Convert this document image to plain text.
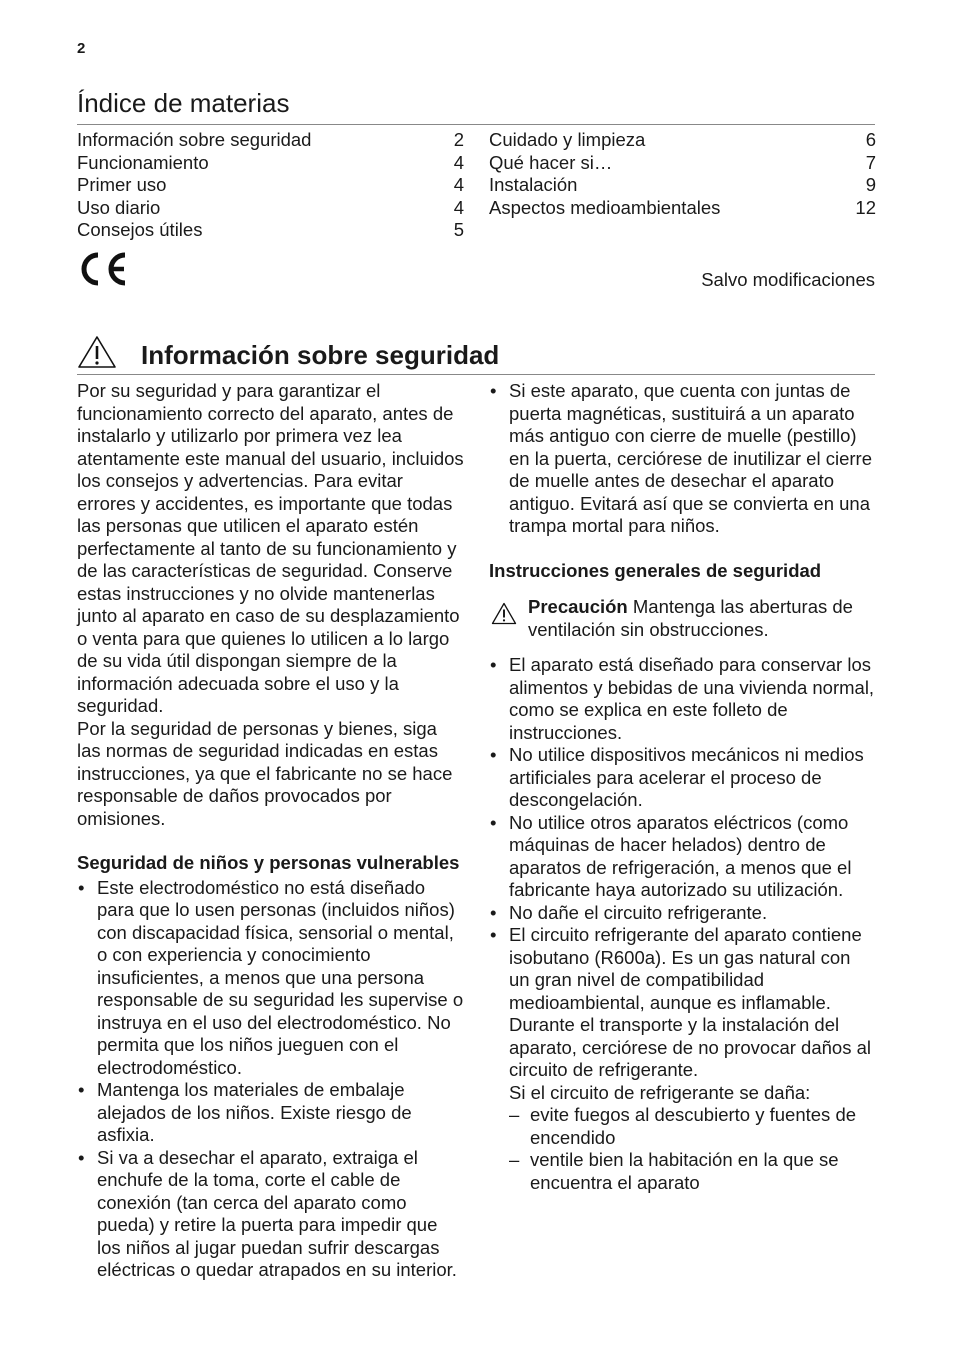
2
Índice de materias
Información sobre seguridad	2
Funcionamiento	4
Primer uso	4
Uso diario	4
Consejos útiles	5
Cuidado y limpieza	6
Qué hacer si…	7
Instalación	9
Aspectos medioambientales	12
Salvo modificaciones
Información sobre seguridad

Por su seguridad y para garantizar el funcionamiento correcto del aparato, antes de instalarlo y utilizarlo por primera vez lea atentamente este manual del usuario, incluidos los consejos y advertencias. Para evitar errores y accidentes, es importante que todas las personas que utilicen el aparato estén perfectamente al tanto de su funcionamiento y de las características de seguridad. Conserve estas instrucciones y no olvide mantenerlas junto al aparato en caso de su desplazamiento o venta para que quienes lo utilicen a lo largo de su vida útil dispongan siempre de la información adecuada sobre el uso y la seguridad.

Por la seguridad de personas y bienes, siga las normas de seguridad indicadas en estas instrucciones, ya que el fabricante no se hace responsable de daños provocados por omisiones.

Seguridad de niños y personas vulnerables

• Este electrodoméstico no está diseñado para que lo usen personas (incluidos niños) con discapacidad física, sensorial o mental, o con experiencia y conocimiento insuficientes, a menos que una persona responsable de su seguridad les supervise o instruya en el uso del electrodoméstico. No permita que los niños jueguen con el electrodoméstico.
• Mantenga los materiales de embalaje alejados de los niños. Existe riesgo de asfixia.
• Si va a desechar el aparato, extraiga el enchufe de la toma, corte el cable de conexión (tan cerca del aparato como pueda) y retire la puerta para impedir que los niños al jugar puedan sufrir descargas eléctricas o quedar atrapados en su interior.
• Si este aparato, que cuenta con juntas de puerta magnéticas, sustituirá a un aparato más antiguo con cierre de muelle (pestillo) en la puerta, cerciórese de inutilizar el cierre de muelle antes de desechar el aparato antiguo. Evitará así que se convierta en una trampa mortal para niños.

Instrucciones generales de seguridad

Precaución Mantenga las aberturas de ventilación sin obstrucciones.
• El aparato está diseñado para conservar los alimentos y bebidas de una vivienda normal, como se explica en este folleto de instrucciones.
• No utilice dispositivos mecánicos ni medios artificiales para acelerar el proceso de descongelación.
• No utilice otros aparatos eléctricos (como máquinas de hacer helados) dentro de aparatos de refrigeración, a menos que el fabricante haya autorizado su utilización.
• No dañe el circuito refrigerante.

• El circuito refrigerante del aparato contiene isobutano (R600a). Es un gas natural con un gran nivel de compatibilidad medioambiental, aunque es inflamable.

Durante el transporte y la instalación del aparato, cerciórese de no provocar daños al circuito de refrigerante.

Si el circuito de refrigerante se daña:

– evite fuegos al descubierto y fuentes de encendido
– ventile bien la habitación en la que se encuentra el aparato
